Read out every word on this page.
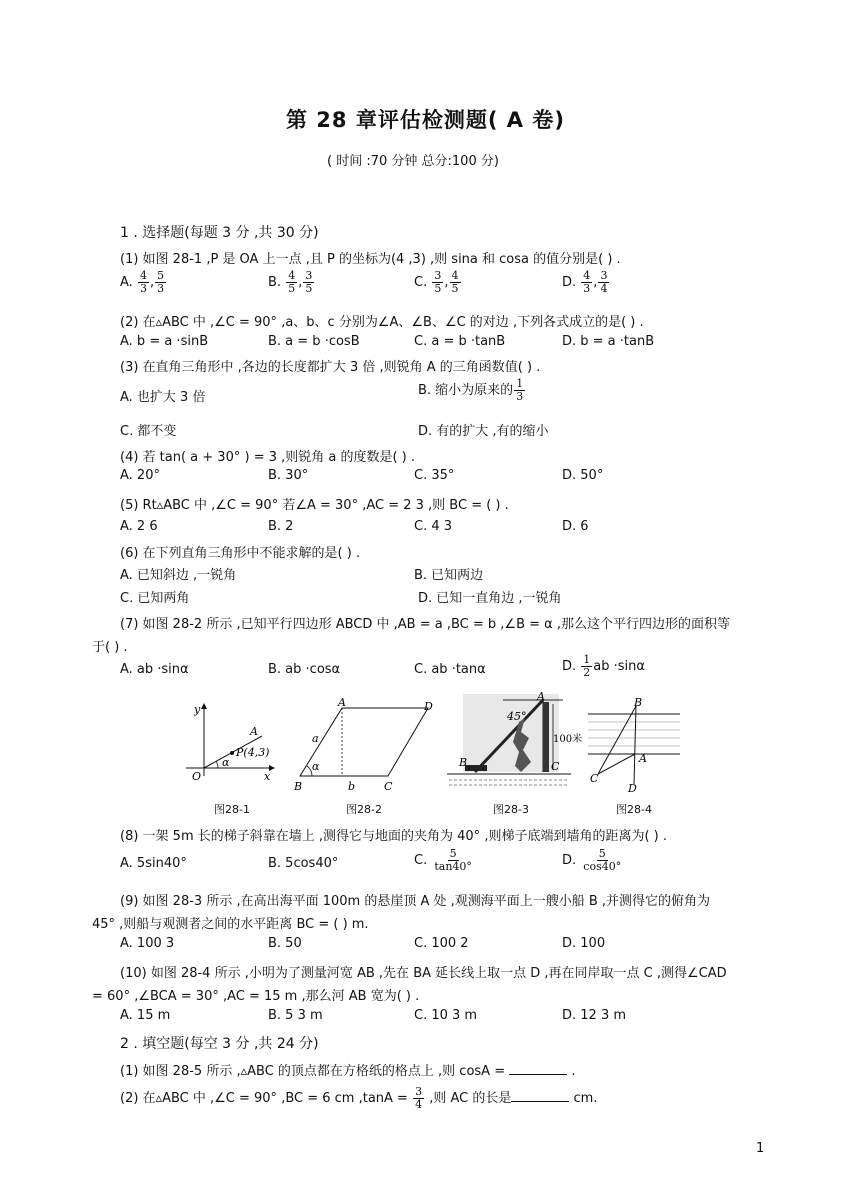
第 28 章评估检测题( A 卷)
( 时间 :70 分钟 总分:100 分)
1 . 选择题(每题 3 分 ,共 30 分)
(1) 如图 28-1 ,P 是 OA 上一点 ,且 P 的坐标为(4 ,3) ,则 sina 和 cosa 的值分别是( ) .
A. $\frac{4}{3}$ , $\frac{5}{3}$	B. $\frac{4}{5}$ , $\frac{3}{5}$	C. $\frac{3}{5}$ , $\frac{4}{5}$	D. $\frac{4}{3}$ , $\frac{3}{4}$
(2) 在▵ABC 中 ,∠C = 90° ,a、b、c 分别为∠A、∠B、∠C 的对边 ,下列各式成立的是( ) .
A. b = a ·sinB	B. a = b ·cosB	C. a = b ·tanB	D. b = a ·tanB
(3) 在直角三角形中 ,各边的长度都扩大 3 倍 ,则锐角 A 的三角函数值( ) .
A. 也扩大 3 倍	B. 缩小为原来的 $\frac{1}{3}$
C. 都不变	D. 有的扩大 ,有的缩小
(4) 若 tan( a + 30° ) = 3 ,则锐角 a 的度数是( ) .
A. 20°	B. 30°	C. 35°	D. 50°
(5) Rt▵ABC 中 ,∠C = 90° 若∠A = 30° ,AC = 2 3 ,则 BC = ( ) .
A. 2 6	B. 2	C. 4 3	D. 6
(6) 在下列直角三角形中不能求解的是( ) .
A. 已知斜边 ,一锐角	B. 已知两边
C. 已知两角	D. 已知一直角边 ,一锐角
(7) 如图 28-2 所示 ,已知平行四边形 ABCD 中 ,AB = a ,BC = b ,∠B = α ,那么这个平行四边形的面积等
于( ) .
A. ab ·sinα	B. ab ·cosα	C. ab ·tanα	D. $\frac{1}{2}$ ab ·sinα
y
x
O
A
P(4,3)
α
图28-1
A	D
B	C
a
b
α
图28-2
A
45°
100米
B	C
图28-3
B
A
C
D
图28-4
(8) 一架 5m 长的梯子斜靠在墙上 ,测得它与地面的夹角为 40° ,则梯子底端到墙角的距离为( ) .
A. 5sin40°	B. 5cos40°	C. $\frac{5}{\tan 40^\circ}$	D. $\frac{5}{\cos 40^\circ}$
(9) 如图 28-3 所示 ,在高出海平面 100m 的悬崖顶 A 处 ,观测海平面上一艘小船 B ,并测得它的俯角为
45° ,则船与观测者之间的水平距离 BC = ( ) m.
A. 100 3	B. 50	C. 100 2	D. 100
(10) 如图 28-4 所示 ,小明为了测量河宽 AB ,先在 BA 延长线上取一点 D ,再在同岸取一点 C ,测得∠CAD
= 60° ,∠BCA = 30° ,AC = 15 m ,那么河 AB 宽为( ) .
A. 15 m	B. 5 3 m	C. 10 3 m	D. 12 3 m
2 . 填空题(每空 3 分 ,共 24 分)
(1) 如图 28-5 所示 ,▵ABC 的顶点都在方格纸的格点上 ,则 cosA =	.
(2) 在▵ABC 中 ,∠C = 90° ,BC = 6 cm $,\tan A = \frac{3}{4}$ ,则 AC 的长是	cm.
1
